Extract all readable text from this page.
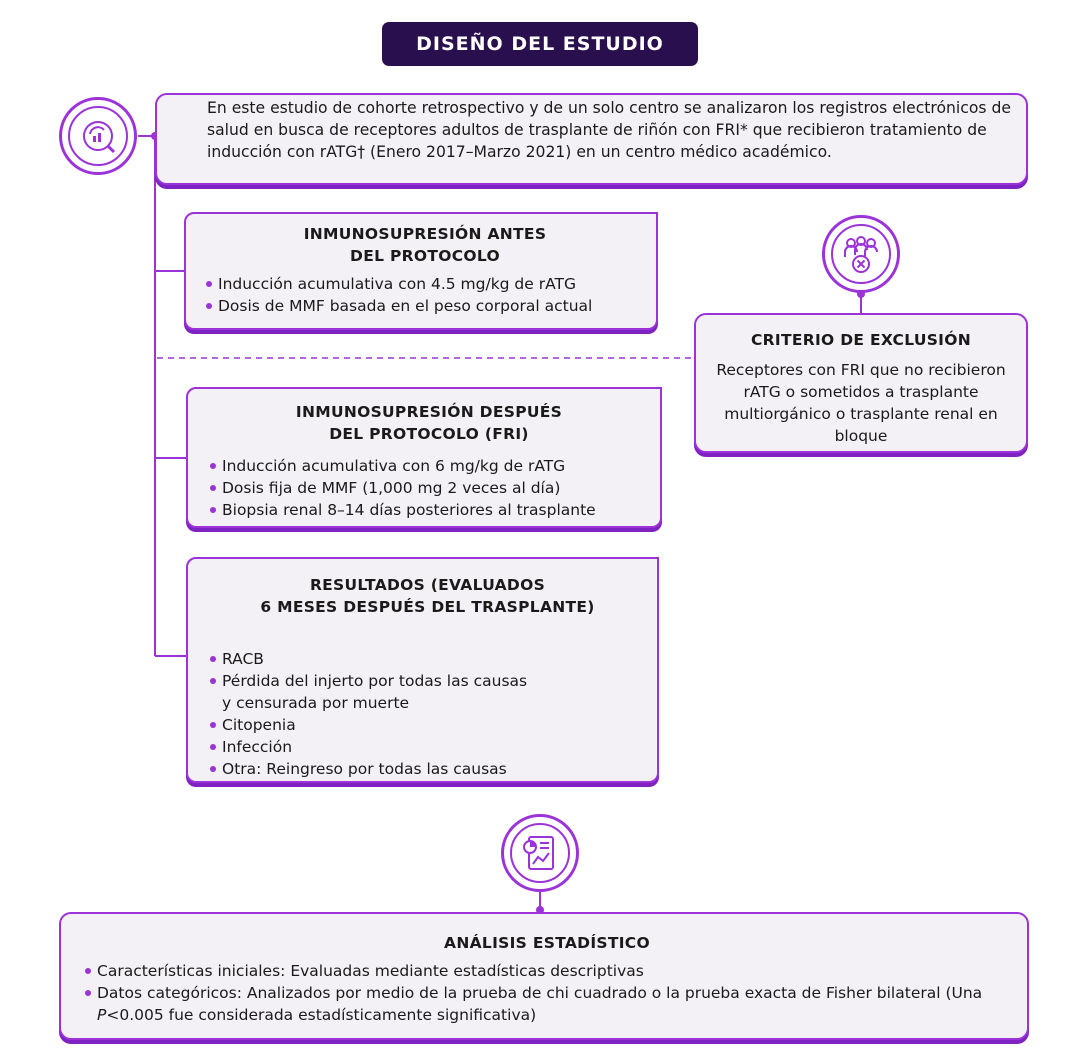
DISEÑO DEL ESTUDIO
En este estudio de cohorte retrospectivo y de un solo centro se analizaron los registros electrónicos de salud en busca de receptores adultos de trasplante de riñón con FRI* que recibieron tratamiento de inducción con rATG† (Enero 2017–Marzo 2021) en un centro médico académico.
INMUNOSUPRESIÓN ANTES
DEL PROTOCOLO
Inducción acumulativa con 4.5 mg/kg de rATG
Dosis de MMF basada en el peso corporal actual
INMUNOSUPRESIÓN DESPUÉS
DEL PROTOCOLO (FRI)
Inducción acumulativa con 6 mg/kg de rATG
Dosis fija de MMF (1,000 mg 2 veces al día)
Biopsia renal 8–14 días posteriores al trasplante
RESULTADOS (EVALUADOS
6 MESES DESPUÉS DEL TRASPLANTE)
RACB
Pérdida del injerto por todas las causas
y censurada por muerte
Citopenia
Infección
Otra: Reingreso por todas las causas
CRITERIO DE EXCLUSIÓN
Receptores con FRI que no recibieron rATG o sometidos a trasplante multiorgánico o trasplante renal en bloque
ANÁLISIS ESTADÍSTICO
Características iniciales: Evaluadas mediante estadísticas descriptivas
Datos categóricos: Analizados por medio de la prueba de chi cuadrado o la prueba exacta de Fisher bilateral (Una P<0.005 fue considerada estadísticamente significativa)
